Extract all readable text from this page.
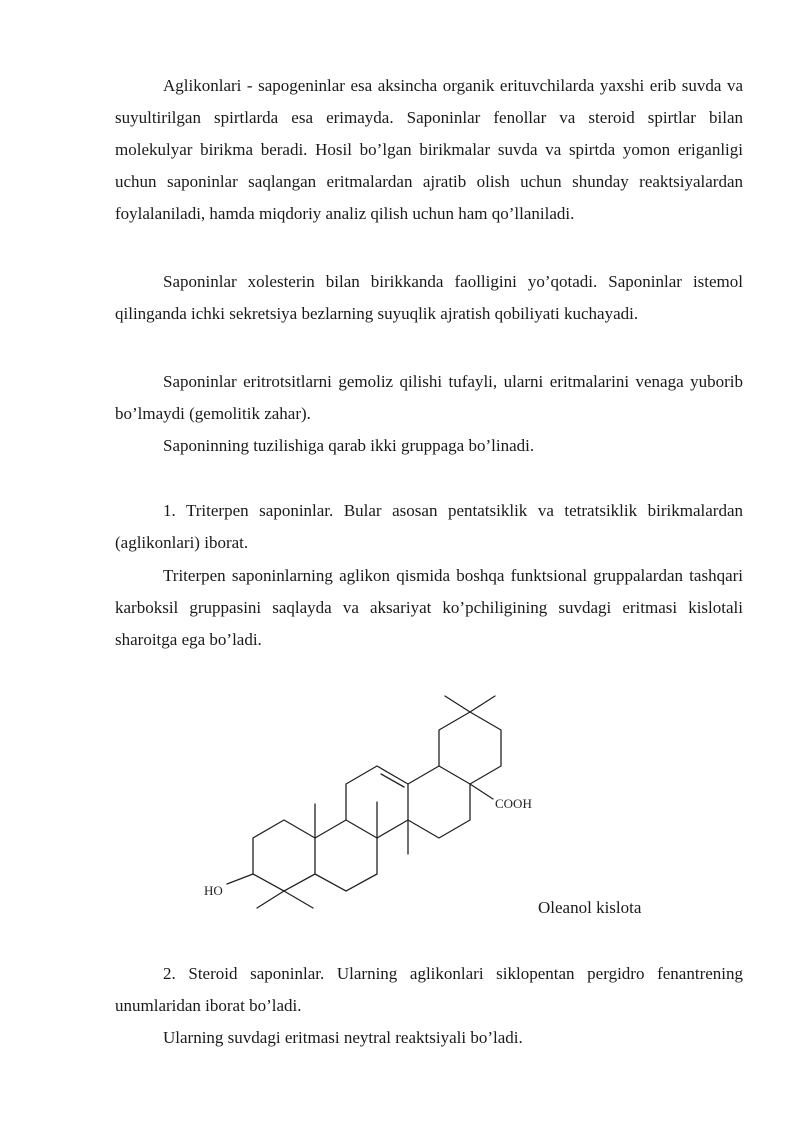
Aglikonlari - sapogeninlar esa aksincha organik erituvchilarda yaxshi erib suvda va suyultirilgan spirtlarda esa erimayda. Saponinlar fenollar va steroid spirtlar bilan molekulyar birikma beradi. Hosil bo’lgan birikmalar suvda va spirtda yomon eriganligi uchun saponinlar saqlangan eritmalardan ajratib olish uchun shunday reaktsiyalardan foylalaniladi, hamda miqdoriy analiz qilish uchun ham qo’llaniladi.

Saponinlar xolesterin bilan birikkanda faolligini yo’qotadi. Saponinlar istemol qilinganda ichki sekretsiya bezlarning suyuqlik ajratish qobiliyati kuchayadi.

Saponinlar eritrotsitlarni gemoliz qilishi tufayli, ularni eritmalarini venaga yuborib bo’lmaydi (gemolitik zahar).

Saponinning tuzilishiga qarab ikki gruppaga bo’linadi.

1. Triterpen saponinlar. Bular asosan pentatsiklik va tetratsiklik birikmalardan (aglikonlari) iborat.

Triterpen saponinlarning aglikon qismida boshqa funktsional gruppalardan tashqari karboksil gruppasini saqlayda va aksariyat ko’pchiligining suvdagi eritmasi kislotali sharoitga ega bo’ladi.

HO
COOH
Oleanol kislota

2. Steroid saponinlar. Ularning aglikonlari siklopentan pergidro fenantrening unumlaridan iborat bo’ladi.

Ularning suvdagi eritmasi neytral reaktsiyali bo’ladi.
